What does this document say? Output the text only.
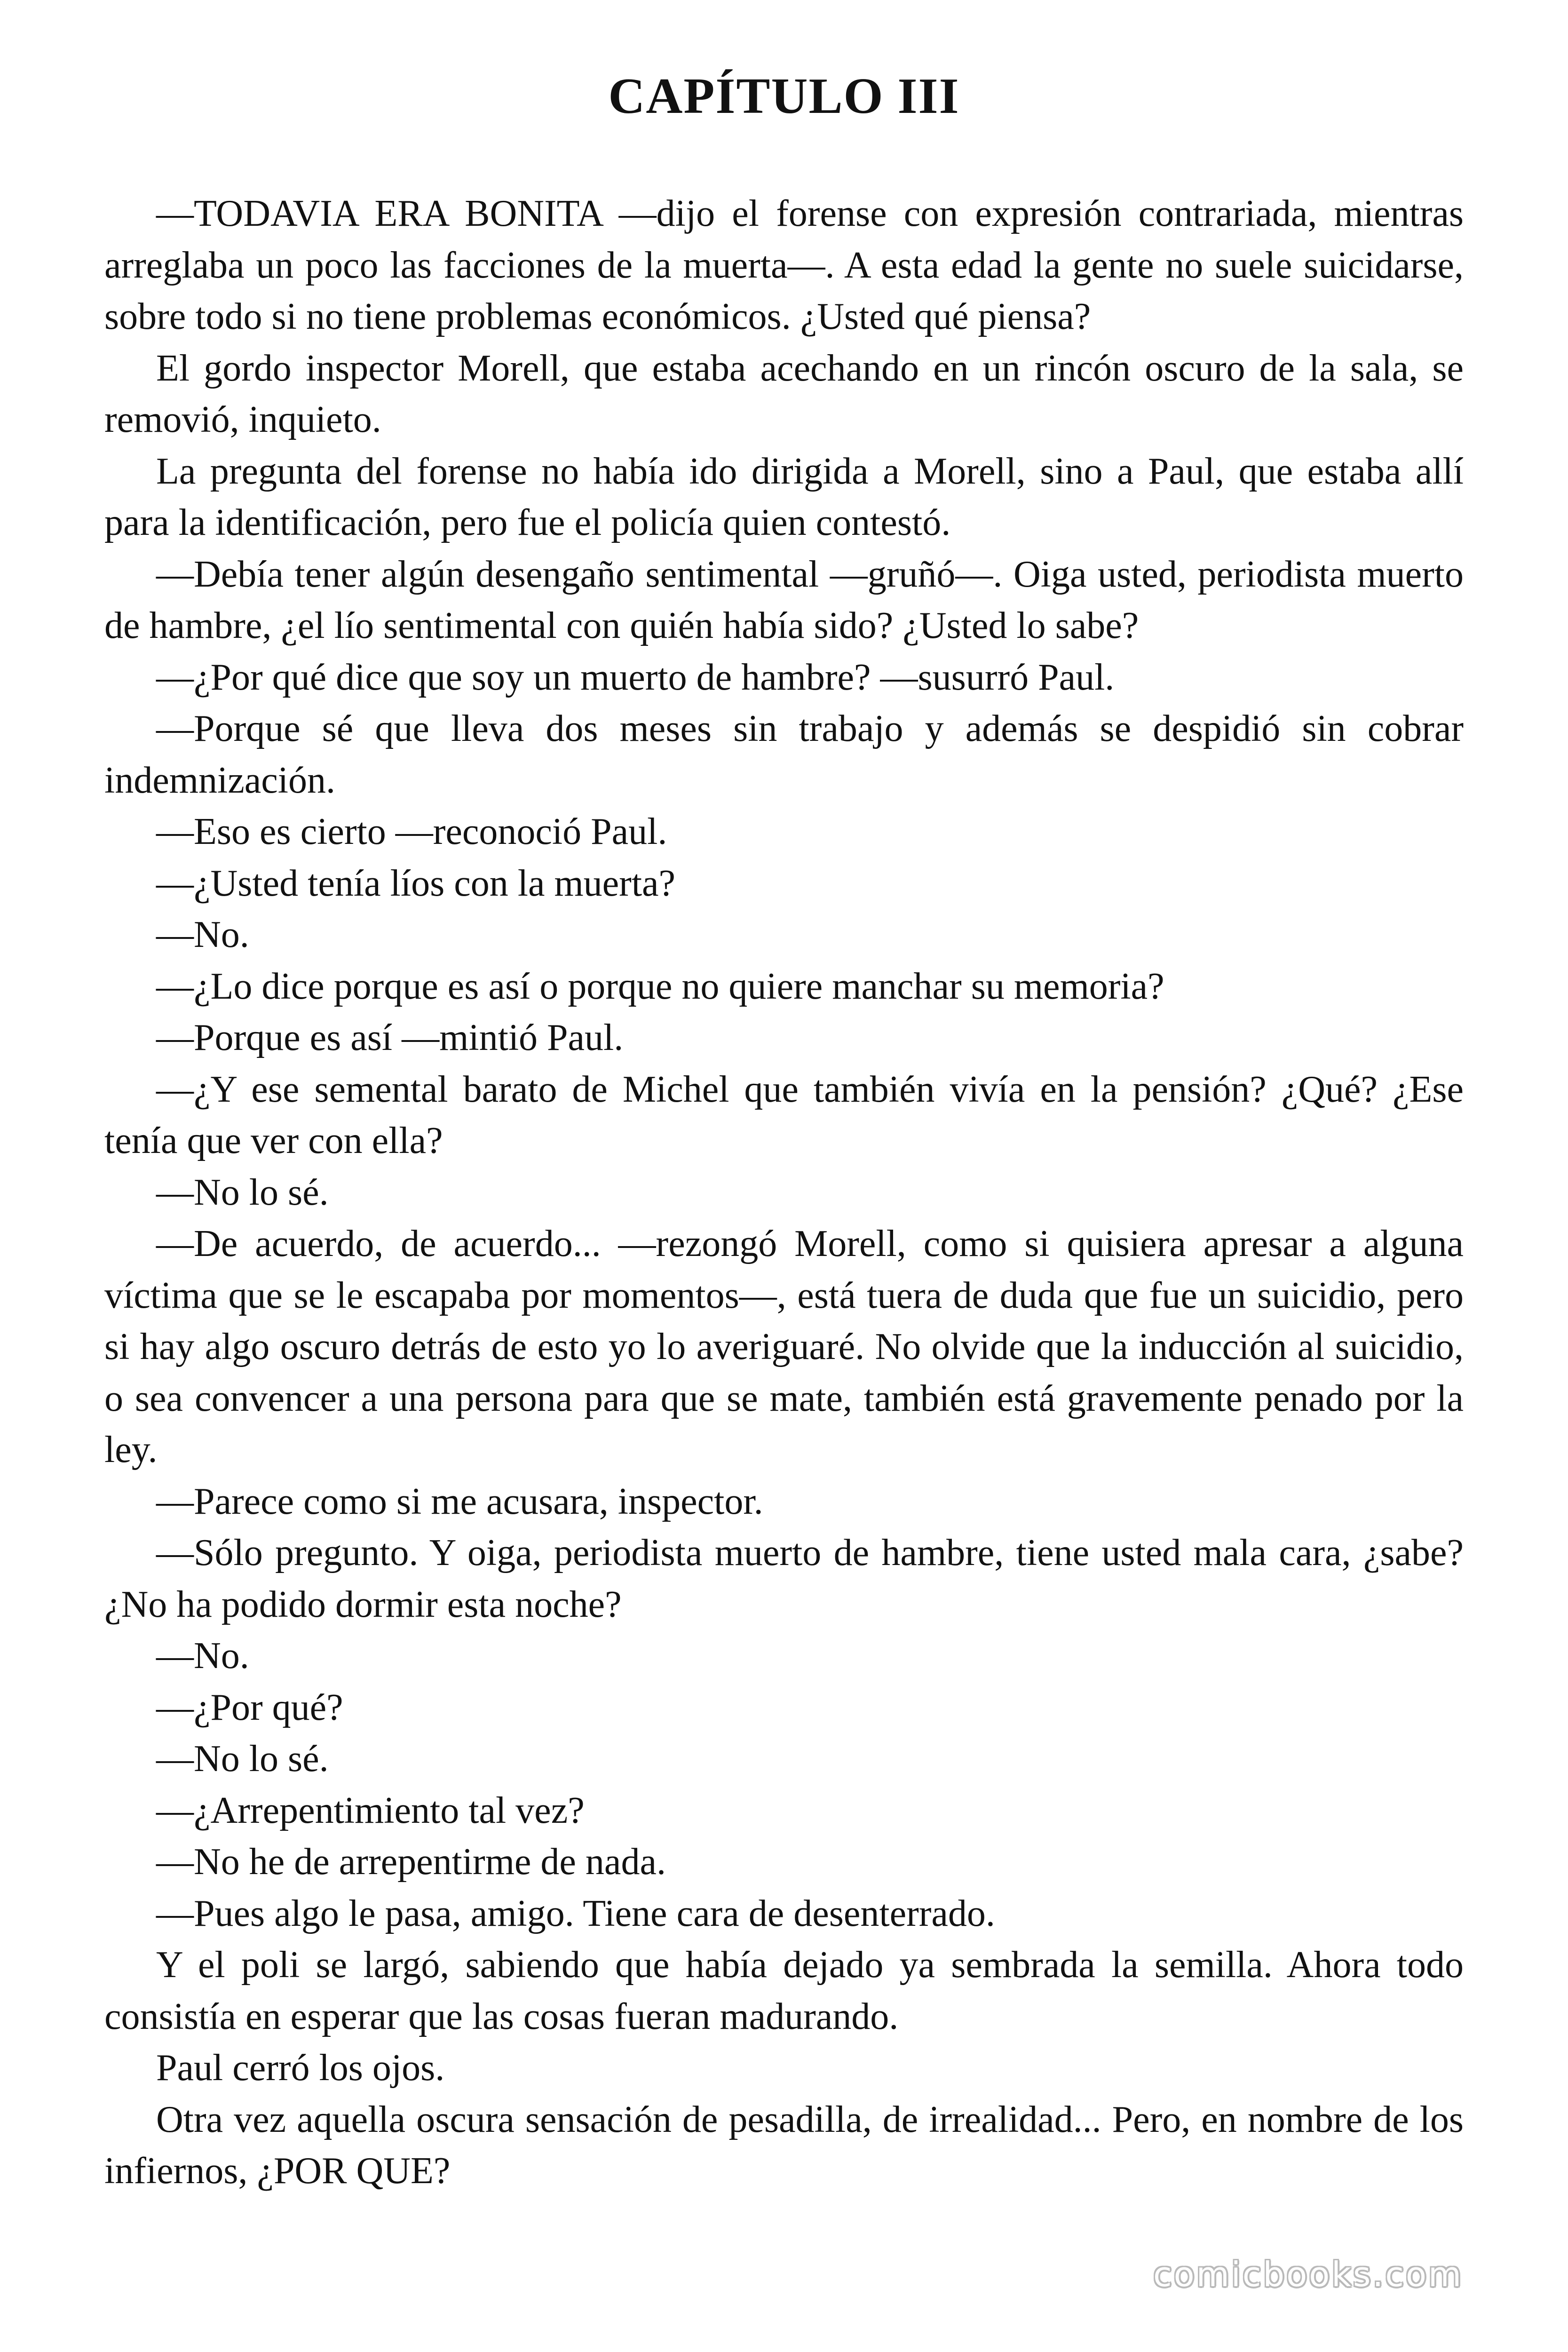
CAPÍTULO III

—TODAVIA ERA BONITA —dijo el forense con expresión contrariada, mientras arreglaba un poco las facciones de la muerta—. A esta edad la gente no suele suicidarse, sobre todo si no tiene problemas económicos. ¿Usted qué piensa?

El gordo inspector Morell, que estaba acechando en un rincón oscuro de la sala, se removió, inquieto.

La pregunta del forense no había ido dirigida a Morell, sino a Paul, que estaba allí para la identificación, pero fue el policía quien contestó.

—Debía tener algún desengaño sentimental —gruñó—. Oiga usted, periodista muerto de hambre, ¿el lío sentimental con quién había sido? ¿Usted lo sabe?

—¿Por qué dice que soy un muerto de hambre? —susurró Paul.

—Porque sé que lleva dos meses sin trabajo y además se despidió sin cobrar indemnización.

—Eso es cierto —reconoció Paul.

—¿Usted tenía líos con la muerta?

—No.

—¿Lo dice porque es así o porque no quiere manchar su memoria?

—Porque es así —mintió Paul.

—¿Y ese semental barato de Michel que también vivía en la pensión? ¿Qué? ¿Ese tenía que ver con ella?

—No lo sé.

—De acuerdo, de acuerdo... —rezongó Morell, como si quisiera apresar a alguna víctima que se le escapaba por momentos—, está tuera de duda que fue un suicidio, pero si hay algo oscuro detrás de esto yo lo averiguaré. No olvide que la inducción al suicidio, o sea convencer a una persona para que se mate, también está gravemente penado por la ley.

—Parece como si me acusara, inspector.

—Sólo pregunto. Y oiga, periodista muerto de hambre, tiene usted mala cara, ¿sabe? ¿No ha podido dormir esta noche?

—No.

—¿Por qué?

—No lo sé.

—¿Arrepentimiento tal vez?

—No he de arrepentirme de nada.

—Pues algo le pasa, amigo. Tiene cara de desenterrado.

Y el poli se largó, sabiendo que había dejado ya sembrada la semilla. Ahora todo consistía en esperar que las cosas fueran madurando.

Paul cerró los ojos.

Otra vez aquella oscura sensación de pesadilla, de irrealidad... Pero, en nombre de los infiernos, ¿POR QUE?

comicbooks.com
